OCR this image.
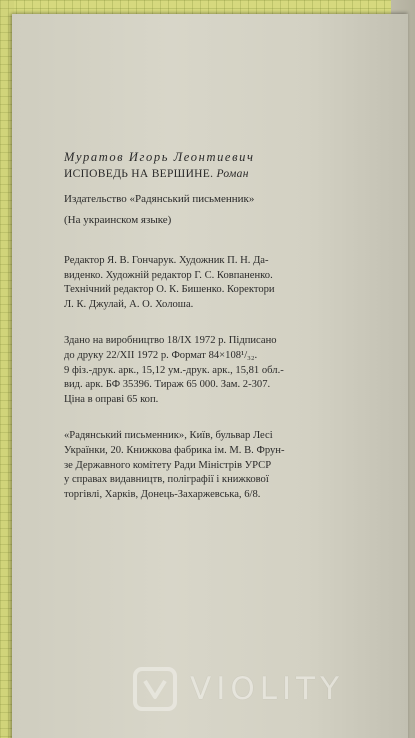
Муратов Игорь Леонтиевич

ИСПОВЕДЬ НА ВЕРШИНЕ. Роман

Издательство «Радянський письменник»

(На украинском языке)

Редактор Я. В. Гончарук. Художник П. Н. Да-
виденко. Художній редактор Г. С. Ковпаненко.
Технічний редактор О. К. Бишенко. Коректори
Л. К. Джулай, А. О. Холоша.
Здано на виробництво 18/IX 1972 р. Підписано
до друку 22/XII 1972 р. Формат 84×108¹/₃₂.
9 фіз.-друк. арк., 15,12 ум.-друк. арк., 15,81 обл.-
вид. арк. БФ 35396. Тираж 65 000. Зам. 2-307.
Ціна в оправі 65 коп.
«Радянський письменник», Київ, бульвар Лесі
Українки, 20. Книжкова фабрика ім. М. В. Фрун-
зе Державного комітету Ради Міністрів УРСР
у справах видавництв, поліграфії і книжкової
торгівлі, Харків, Донець-Захаржевська, 6/8.
VIOLITY
